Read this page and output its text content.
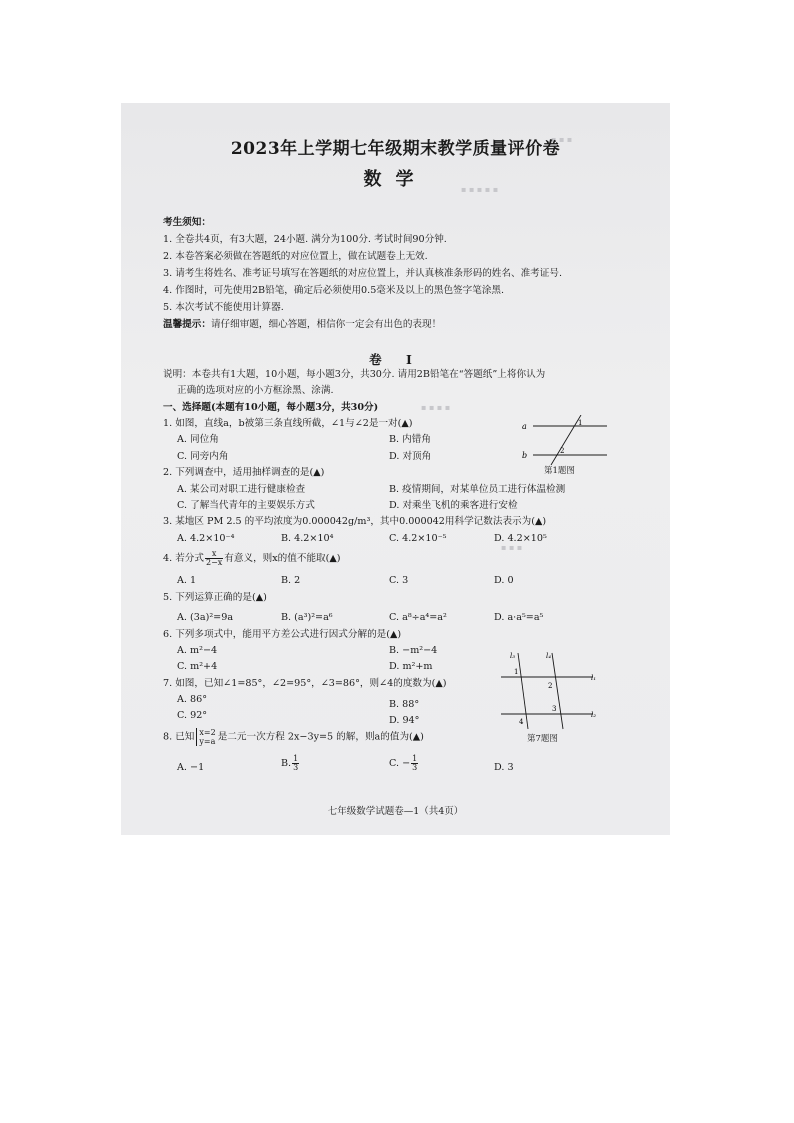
▪ ▪ ▪
▪ ▪ ▪ ▪ ▪
▪ ▪ ▪ ▪
▪ ▪ ▪
2023年上学期七年级期末教学质量评价卷
数学
考生须知：
1. 全卷共4页，有3大题，24小题. 满分为100分. 考试时间90分钟.
2. 本卷答案必须做在答题纸的对应位置上，做在试题卷上无效.
3. 请考生将姓名、准考证号填写在答题纸的对应位置上，并认真核准条形码的姓名、准考证号.
4. 作图时，可先使用2B铅笔，确定后必须使用0.5毫米及以上的黑色签字笔涂黑.
5. 本次考试不能使用计算器.
温馨提示：请仔细审题，细心答题，相信你一定会有出色的表现！
卷 Ⅰ
说明：本卷共有1大题，10小题，每小题3分，共30分. 请用2B铅笔在“答题纸”上将你认为
正确的选项对应的小方框涂黑、涂满.
一、选择题(本题有10小题，每小题3分，共30分)
1. 如图，直线a，b被第三条直线所截，∠1与∠2是一对(▲)
A. 同位角	B. 内错角
C. 同旁内角	D. 对顶角
a
b
1
2
第1题图
2. 下列调查中，适用抽样调查的是(▲)
A. 某公司对职工进行健康检查	B. 疫情期间，对某单位员工进行体温检测
C. 了解当代青年的主要娱乐方式	D. 对乘坐飞机的乘客进行安检
3. 某地区 PM 2.5 的平均浓度为0.000042g/m³，其中0.000042用科学记数法表示为(▲)
A. 4.2×10⁻⁴	B. 4.2×10⁴	C. 4.2×10⁻⁵	D. 4.2×10⁵
4. 若分式 $\frac{x}{2-x}$ 有意义，则x的值不能取(▲)
A. 1	B. 2	C. 3	D. 0
5. 下列运算正确的是(▲)
A. (3a)²=9a	B. (a³)²=a⁶	C. a⁸÷a⁴=a²	D. a·a⁵=a⁵
6. 下列多项式中，能用平方差公式进行因式分解的是(▲)
A. m²−4	B. −m²−4
C. m²+4	D. m²+m
7. 如图，已知∠1=85°，∠2=95°，∠3=86°，则∠4的度数为(▲)
A. 86°	B. 88°
C. 92°	D. 94°
l₃	l₄
l₁
l₂
1
2
3
4
第7题图
8. 已知 x=2
y=a 是二元一次方程 2x−3y=5 的解，则a的值为(▲)
A. −1	B. $\frac{1}{3}$	C. − $\frac{1}{3}$	D. 3
七年级数学试题卷—1（共4页）
